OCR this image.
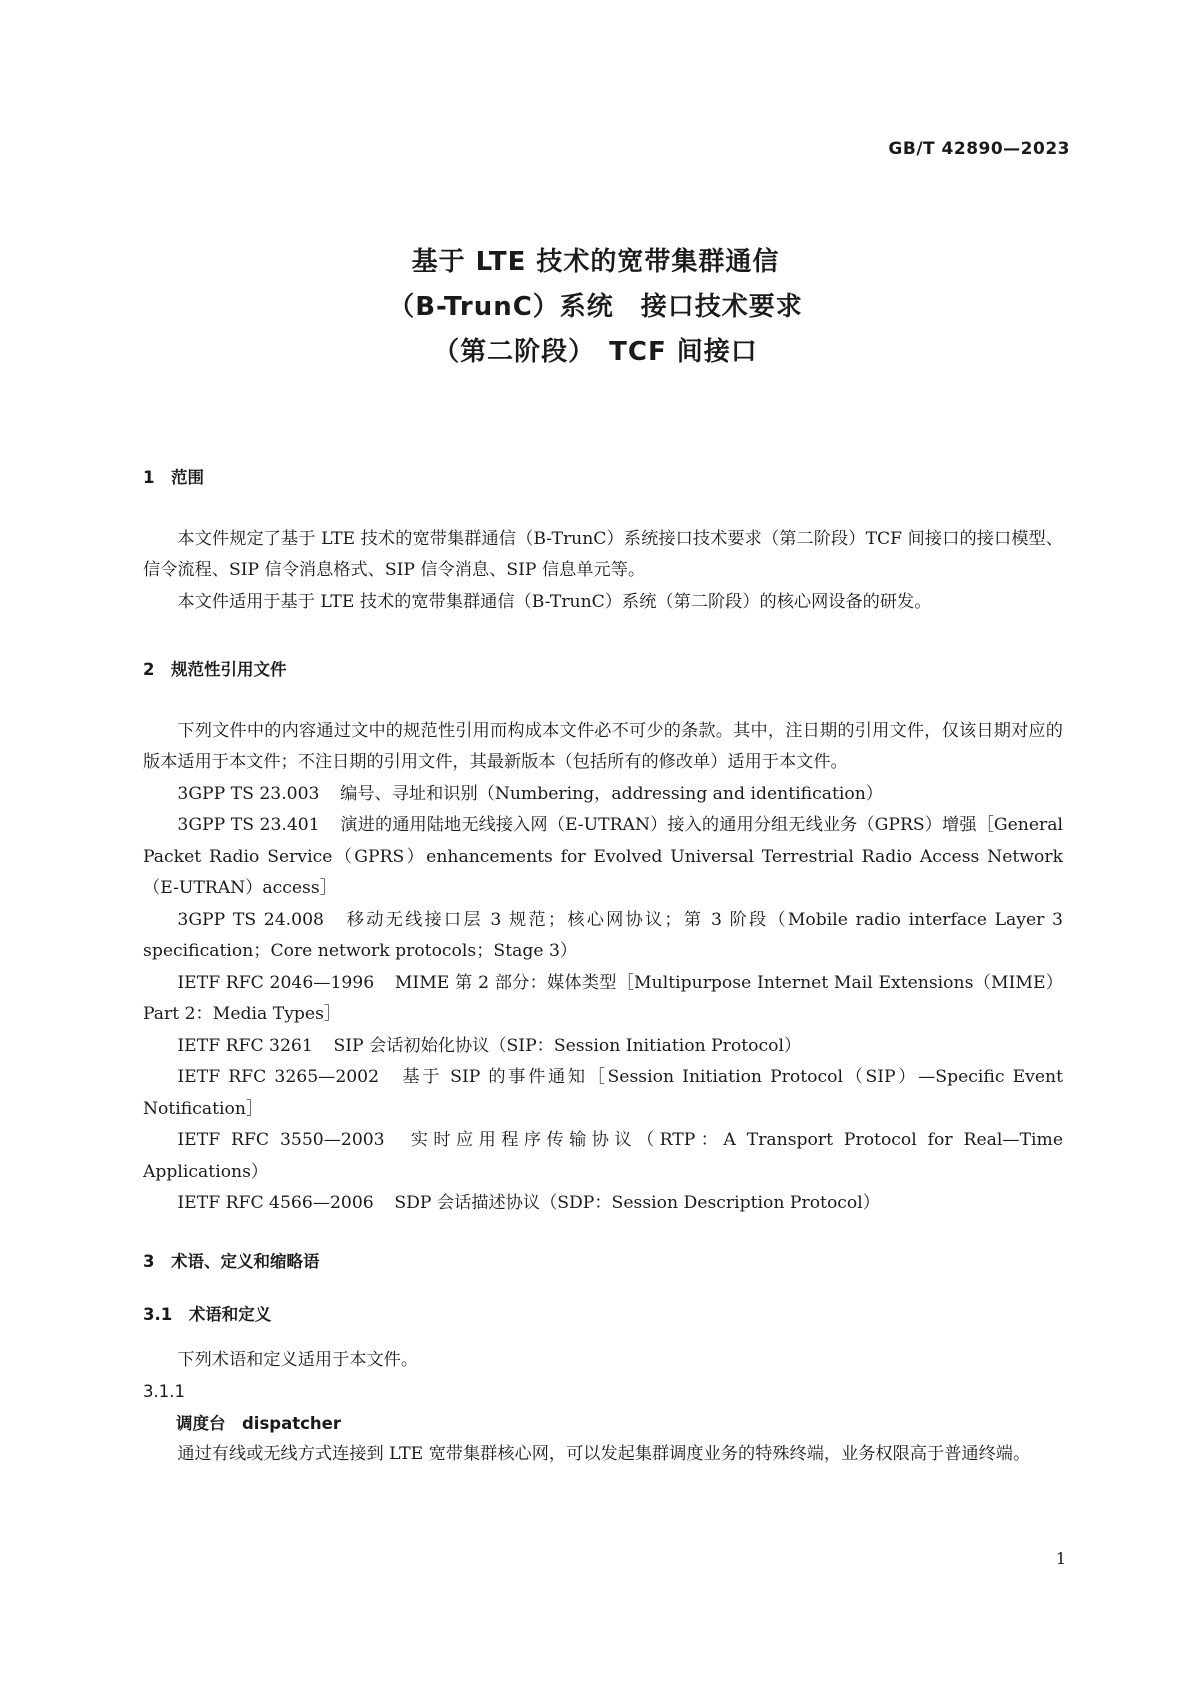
GB/T 42890—2023
基于 LTE 技术的宽带集群通信
（B-TrunC）系统　接口技术要求
（第二阶段）　TCF 间接口

1　范围

本文件规定了基于 LTE 技术的宽带集群通信（B-TrunC）系统接口技术要求（第二阶段）TCF 间接口的接口模型、信令流程、SIP 信令消息格式、SIP 信令消息、SIP 信息单元等。

本文件适用于基于 LTE 技术的宽带集群通信（B-TrunC）系统（第二阶段）的核心网设备的研发。

2　规范性引用文件

下列文件中的内容通过文中的规范性引用而构成本文件必不可少的条款。其中，注日期的引用文件，仅该日期对应的版本适用于本文件；不注日期的引用文件，其最新版本（包括所有的修改单）适用于本文件。

3GPP TS 23.003 编号、寻址和识别（Numbering，addressing and identification）

3GPP TS 23.401 演进的通用陆地无线接入网（E-UTRAN）接入的通用分组无线业务（GPRS）增强［General Packet Radio Service（GPRS）enhancements for Evolved Universal Terrestrial Radio Access Network（E-UTRAN）access］

3GPP TS 24.008 移动无线接口层 3 规范；核心网协议；第 3 阶段（Mobile radio interface Layer 3 specification；Core network protocols；Stage 3）

IETF RFC 2046—1996 MIME 第 2 部分：媒体类型［Multipurpose Internet Mail Extensions（MIME）Part 2：Media Types］

IETF RFC 3261 SIP 会话初始化协议（SIP：Session Initiation Protocol）

IETF RFC 3265—2002 基于 SIP 的事件通知［Session Initiation Protocol（SIP）—Specific Event Notification］

IETF RFC 3550—2003 实时应用程序传输协议（RTP：A Transport Protocol for Real—Time Applications）

IETF RFC 4566—2006 SDP 会话描述协议（SDP：Session Description Protocol）

3　术语、定义和缩略语

3.1　术语和定义

下列术语和定义适用于本文件。

3.1.1

调度台　dispatcher

通过有线或无线方式连接到 LTE 宽带集群核心网，可以发起集群调度业务的特殊终端，业务权限高于普通终端。

1
